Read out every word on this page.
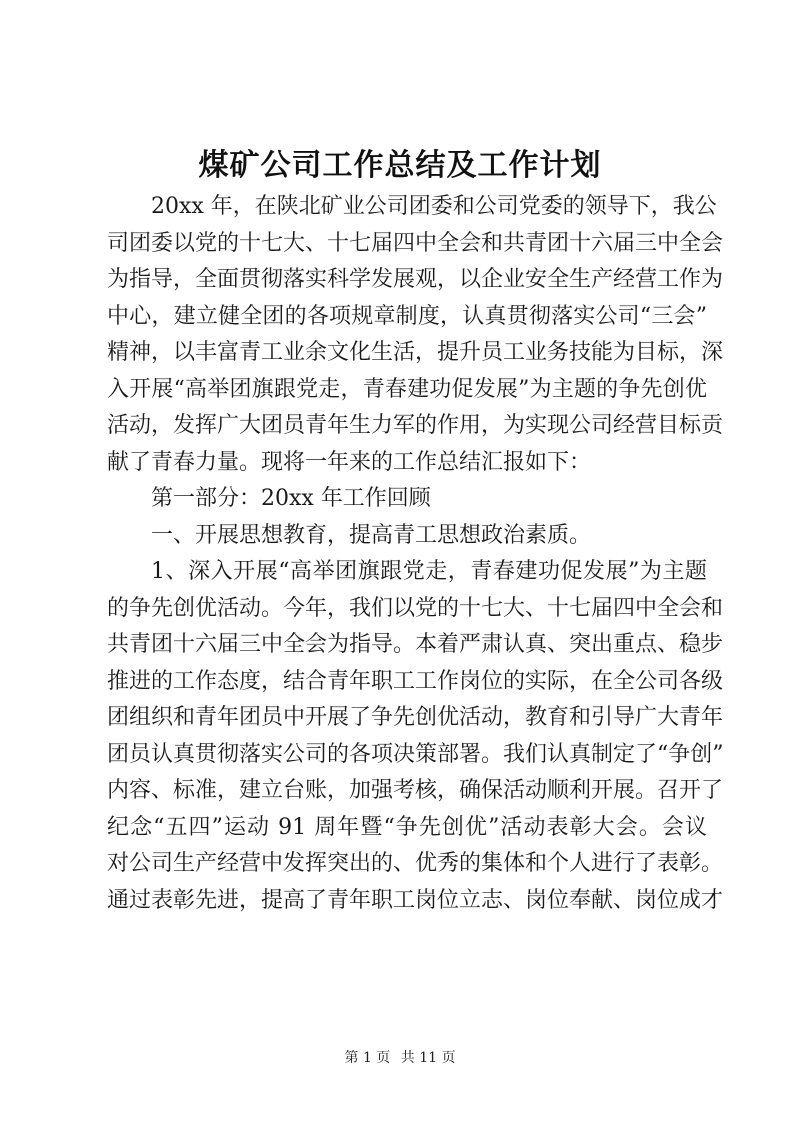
煤矿公司工作总结及工作计划
20xx 年，在陕北矿业公司团委和公司党委的领导下，我公
司团委以党的十七大、十七届四中全会和共青团十六届三中全会
为指导，全面贯彻落实科学发展观，以企业安全生产经营工作为
中心，建立健全团的各项规章制度，认真贯彻落实公司“三会”
精神，以丰富青工业余文化生活，提升员工业务技能为目标，深
入开展“高举团旗跟党走，青春建功促发展”为主题的争先创优
活动，发挥广大团员青年生力军的作用，为实现公司经营目标贡
献了青春力量。现将一年来的工作总结汇报如下：
第一部分：20xx 年工作回顾
一、开展思想教育，提高青工思想政治素质。
1、深入开展“高举团旗跟党走，青春建功促发展”为主题
的争先创优活动。今年，我们以党的十七大、十七届四中全会和
共青团十六届三中全会为指导。本着严肃认真、突出重点、稳步
推进的工作态度，结合青年职工工作岗位的实际，在全公司各级
团组织和青年团员中开展了争先创优活动，教育和引导广大青年
团员认真贯彻落实公司的各项决策部署。我们认真制定了“争创”
内容、标准，建立台账，加强考核，确保活动顺利开展。召开了
纪念“五四”运动 91 周年暨“争先创优”活动表彰大会。会议
对公司生产经营中发挥突出的、优秀的集体和个人进行了表彰。
通过表彰先进，提高了青年职工岗位立志、岗位奉献、岗位成才
第 1 页 共 11 页
